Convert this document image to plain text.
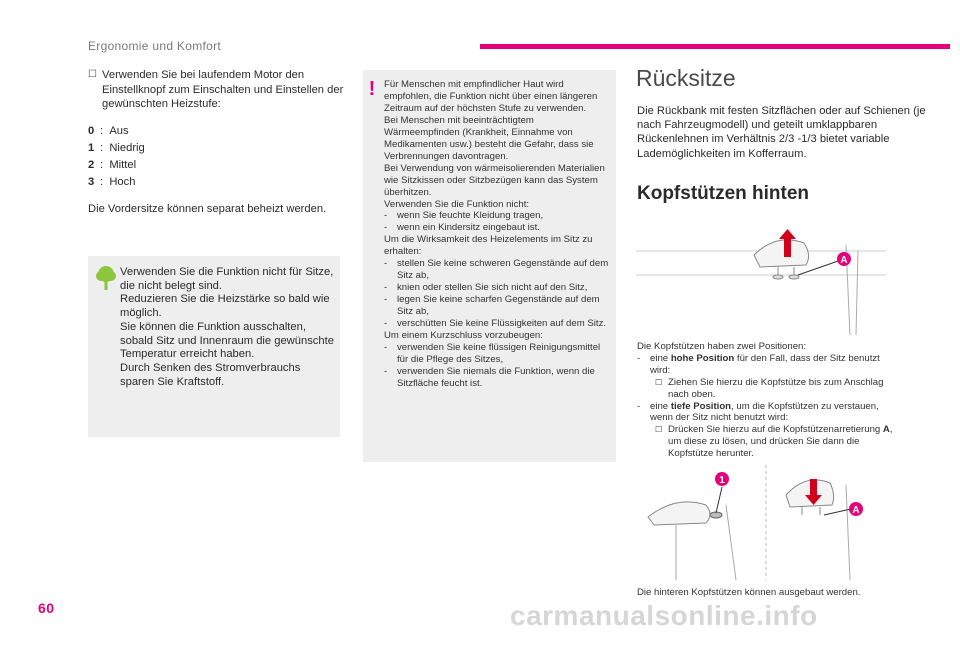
Ergonomie und Komfort
☐ Verwenden Sie bei laufendem Motor den Einstellknopf zum Einschalten und Einstellen der gewünschten Heizstufe:
0 : Aus
1 : Niedrig
2 : Mittel
3 : Hoch
Die Vordersitze können separat beheizt werden.
Verwenden Sie die Funktion nicht für Sitze, die nicht belegt sind.
Reduzieren Sie die Heizstärke so bald wie möglich.
Sie können die Funktion ausschalten, sobald Sitz und Innenraum die gewünschte Temperatur erreicht haben.
Durch Senken des Stromverbrauchs sparen Sie Kraftstoff.
! Für Menschen mit empfindlicher Haut wird empfohlen, die Funktion nicht über einen längeren Zeitraum auf der höchsten Stufe zu verwenden.
Bei Menschen mit beeinträchtigtem Wärmeempfinden (Krankheit, Einnahme von Medikamenten usw.) besteht die Gefahr, dass sie Verbrennungen davontragen.
Bei Verwendung von wärmeisolierenden Materialien wie Sitzkissen oder Sitzbezügen kann das System überhitzen.
Verwenden Sie die Funktion nicht:
-	wenn Sie feuchte Kleidung tragen,
-	wenn ein Kindersitz eingebaut ist.
Um die Wirksamkeit des Heizelements im Sitz zu erhalten:
-	stellen Sie keine schweren Gegenstände auf dem Sitz ab,
-	knien oder stellen Sie sich nicht auf den Sitz,
-	legen Sie keine scharfen Gegenstände auf dem Sitz ab,
-	verschütten Sie keine Flüssigkeiten auf dem Sitz.
Um einem Kurzschluss vorzubeugen:
-	verwenden Sie keine flüssigen Reinigungsmittel für die Pflege des Sitzes,
-	verwenden Sie niemals die Funktion, wenn die Sitzfläche feucht ist.
Rücksitze
Die Rückbank mit festen Sitzflächen oder auf Schienen (je nach Fahrzeugmodell) und geteilt umklappbaren Rückenlehnen im Verhältnis 2/3 -1/3 bietet variable Lademöglichkeiten im Kofferraum.
Kopfstützen hinten
A
Die Kopfstützen haben zwei Positionen:
-	eine hohe Position für den Fall, dass der Sitz benutzt wird:
☐ Ziehen Sie hierzu die Kopfstütze bis zum Anschlag nach oben.
-	eine tiefe Position, um die Kopfstützen zu verstauen, wenn der Sitz nicht benutzt wird:
☐ Drücken Sie hierzu auf die Kopfstützenarretierung A, um diese zu lösen, und drücken Sie dann die Kopfstütze herunter.
1
A
Die hinteren Kopfstützen können ausgebaut werden.
60	carmanualsonline.info
